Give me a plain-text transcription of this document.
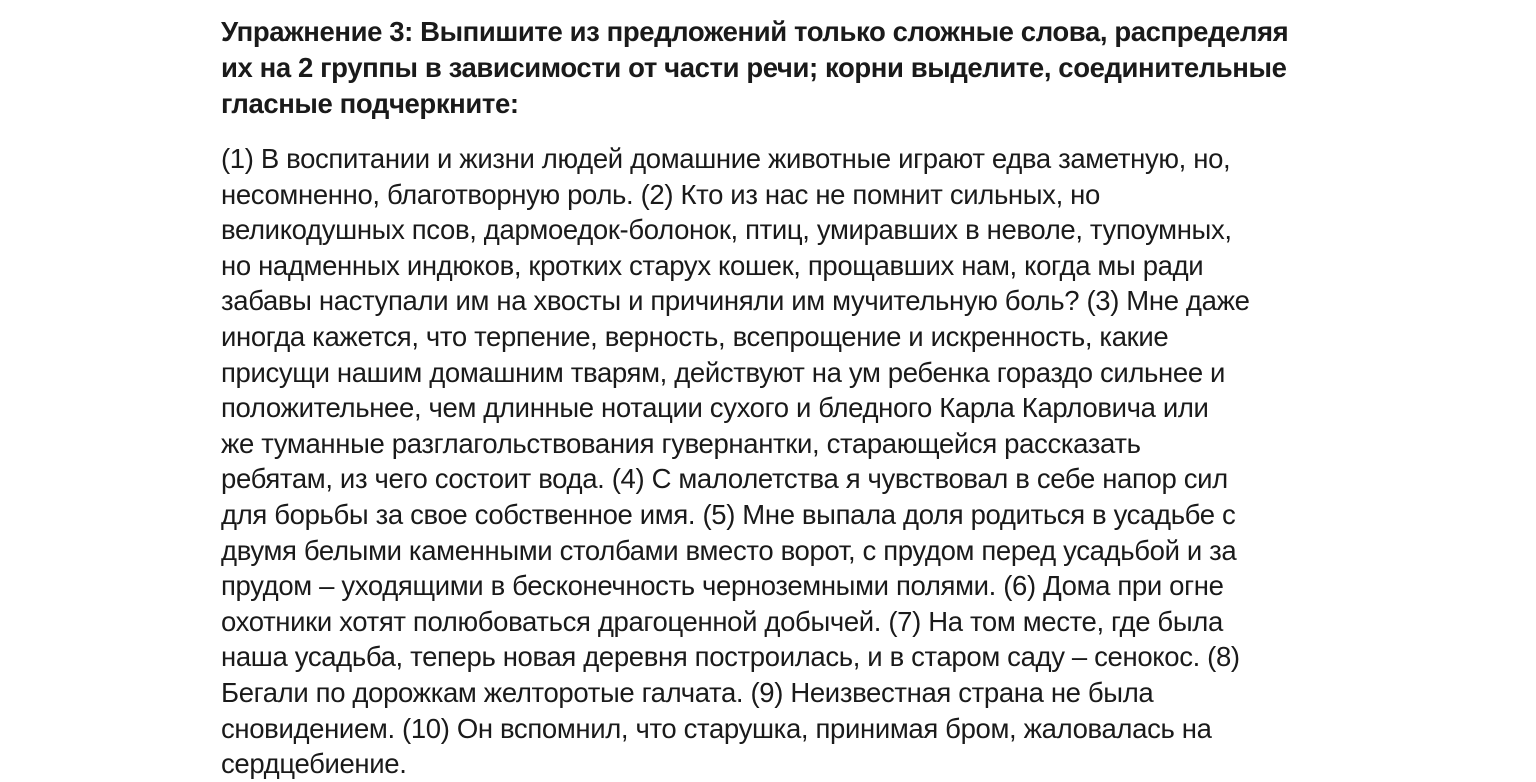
Упражнение 3: Выпишите из предложений только сложные слова, распределяя
их на 2 группы в зависимости от части речи; корни выделите, соединительные
гласные подчеркните:
(1) В воспитании и жизни людей домашние животные играют едва заметную, но,
несомненно, благотворную роль. (2) Кто из нас не помнит сильных, но
великодушных псов, дармоедок-болонок, птиц, умиравших в неволе, тупоумных,
но надменных индюков, кротких старух кошек, прощавших нам, когда мы ради
забавы наступали им на хвосты и причиняли им мучительную боль? (3) Мне даже
иногда кажется, что терпение, верность, всепрощение и искренность, какие
присущи нашим домашним тварям, действуют на ум ребенка гораздо сильнее и
положительнее, чем длинные нотации сухого и бледного Карла Карловича или
же туманные разглагольствования гувернантки, старающейся рассказать
ребятам, из чего состоит вода. (4) С малолетства я чувствовал в себе напор сил
для борьбы за свое собственное имя. (5) Мне выпала доля родиться в усадьбе с
двумя белыми каменными столбами вместо ворот, с прудом перед усадьбой и за
прудом – уходящими в бесконечность черноземными полями. (6) Дома при огне
охотники хотят полюбоваться драгоценной добычей. (7) На том месте, где была
наша усадьба, теперь новая деревня построилась, и в старом саду – сенокос. (8)
Бегали по дорожкам желторотые галчата. (9) Неизвестная страна не была
сновидением. (10) Он вспомнил, что старушка, принимая бром, жаловалась на
сердцебиение.
